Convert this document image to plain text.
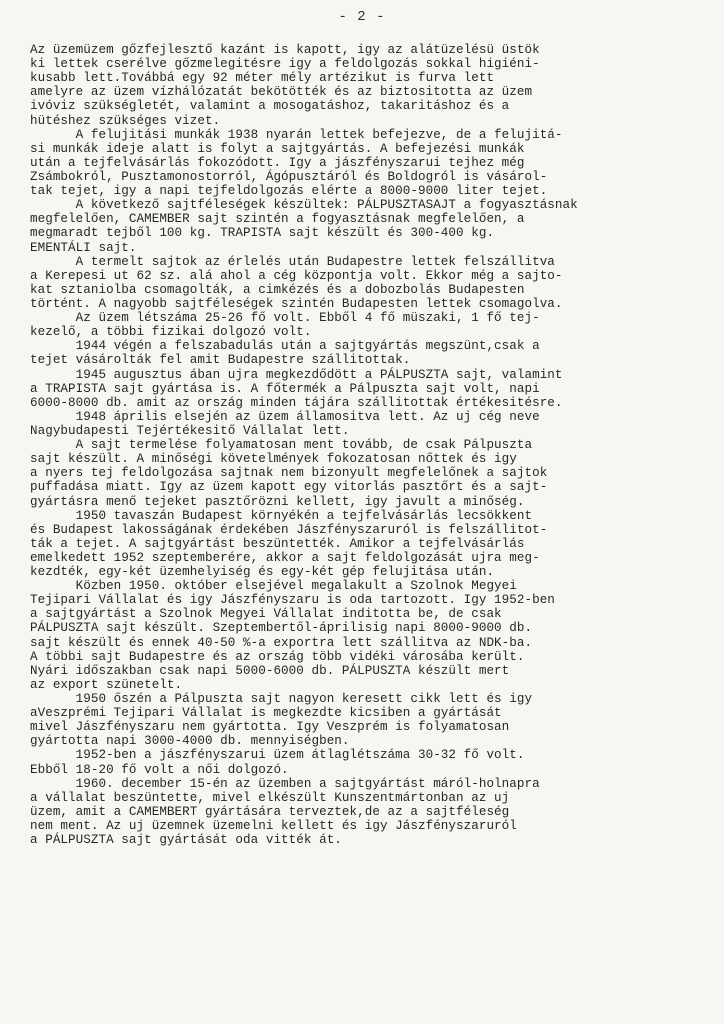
- 2 -
Az üzemüzem gőzfejlesztő kazánt is kapott, igy az alátüzelésü üstök
ki lettek cserélve gőzmelegitésre igy a feldolgozás sokkal higiéni-
kusabb lett.Továbbá egy 92 méter mély artézikut is furva lett
amelyre az üzem vízhálózatát bekötötték és az biztositotta az üzem
ivóviz szükségletét, valamint a mosogatáshoz, takaritáshoz és a
hütéshez szükséges vizet.
A felujitási munkák 1938 nyarán lettek befejezve, de a felujitá-
si munkák ideje alatt is folyt a sajtgyártás. A befejezési munkák
után a tejfelvásárlás fokozódott. Igy a jászfényszarui tejhez még
Zsámbokról, Pusztamonostorról, Ágópusztáról és Boldogról is vásárol-
tak tejet, igy a napi tejfeldolgozás elérte a 8000-9000 liter tejet.
A következő sajtféleségek készültek: PÁLPUSZTASAJT a fogyasztásnak
megfelelően, CAMEMBER sajt szintén a fogyasztásnak megfelelően, a
megmaradt tejből 100 kg. TRAPISTA sajt készült és 300-400 kg.
EMENTÁLI sajt.
A termelt sajtok az érlelés után Budapestre lettek felszállitva
a Kerepesi ut 62 sz. alá ahol a cég központja volt. Ekkor még a sajto-
kat sztaniolba csomagolták, a cimkézés és a dobozbolás Budapesten
történt. A nagyobb sajtféleségek szintén Budapesten lettek csomagolva.
Az üzem létszáma 25-26 fő volt. Ebből 4 fő müszaki, 1 fő tej-
kezelő, a többi fizikai dolgozó volt.
1944 végén a felszabadulás után a sajtgyártás megszünt,csak a
tejet vásárolták fel amit Budapestre szállitottak.
1945 augusztus ában ujra megkezdődött a PÁLPUSZTA sajt, valamint
a TRAPISTA sajt gyártása is. A főtermék a Pálpuszta sajt volt, napi
6000-8000 db. amit az ország minden tájára szállitottak értékesitésre.
1948 április elsején az üzem államositva lett. Az uj cég neve
Nagybudapesti Tejértékesitő Vállalat lett.
A sajt termelése folyamatosan ment tovább, de csak Pálpuszta
sajt készült. A minőségi követelmények fokozatosan nőttek és igy
a nyers tej feldolgozása sajtnak nem bizonyult megfelelőnek a sajtok
puffadása miatt. Igy az üzem kapott egy vitorlás pasztőrt és a sajt-
gyártásra menő tejeket pasztőrözni kellett, igy javult a minőség.
1950 tavaszán Budapest környékén a tejfelvásárlás lecsökkent
és Budapest lakosságának érdekében Jászfényszaruról is felszállitot-
ták a tejet. A sajtgyártást beszüntették. Amikor a tejfelvásárlás
emelkedett 1952 szeptemberére, akkor a sajt feldolgozását ujra meg-
kezdték, egy-két üzemhelyiség és egy-két gép felujitása után.
Közben 1950. október elsejével megalakult a Szolnok Megyei
Tejipari Vállalat és igy Jászfényszaru is oda tartozott. Igy 1952-ben
a sajtgyártást a Szolnok Megyei Vállalat inditotta be, de csak
PÁLPUSZTA sajt készült. Szeptembertől-áprilisig napi 8000-9000 db.
sajt készült és ennek 40-50 %-a exportra lett szállitva az NDK-ba.
A többi sajt Budapestre és az ország több vidéki városába került.
Nyári időszakban csak napi 5000-6000 db. PÁLPUSZTA készült mert
az export szünetelt.
1950 őszén a Pálpuszta sajt nagyon keresett cikk lett és igy
aVeszprémi Tejipari Vállalat is megkezdte kicsiben a gyártását
mivel Jászfényszaru nem gyártotta. Igy Veszprém is folyamatosan
gyártotta napi 3000-4000 db. mennyiségben.
1952-ben a jászfényszarui üzem átlaglétszáma 30-32 fő volt.
Ebből 18-20 fő volt a női dolgozó.
1960. december 15-én az üzemben a sajtgyártást máról-holnapra
a vállalat beszüntette, mivel elkészült Kunszentmártonban az uj
üzem, amit a CAMEMBERT gyártására terveztek,de az a sajtféleség
nem ment. Az uj üzemnek üzemelni kellett és igy Jászfényszaruról
a PÁLPUSZTA sajt gyártását oda vitték át.
